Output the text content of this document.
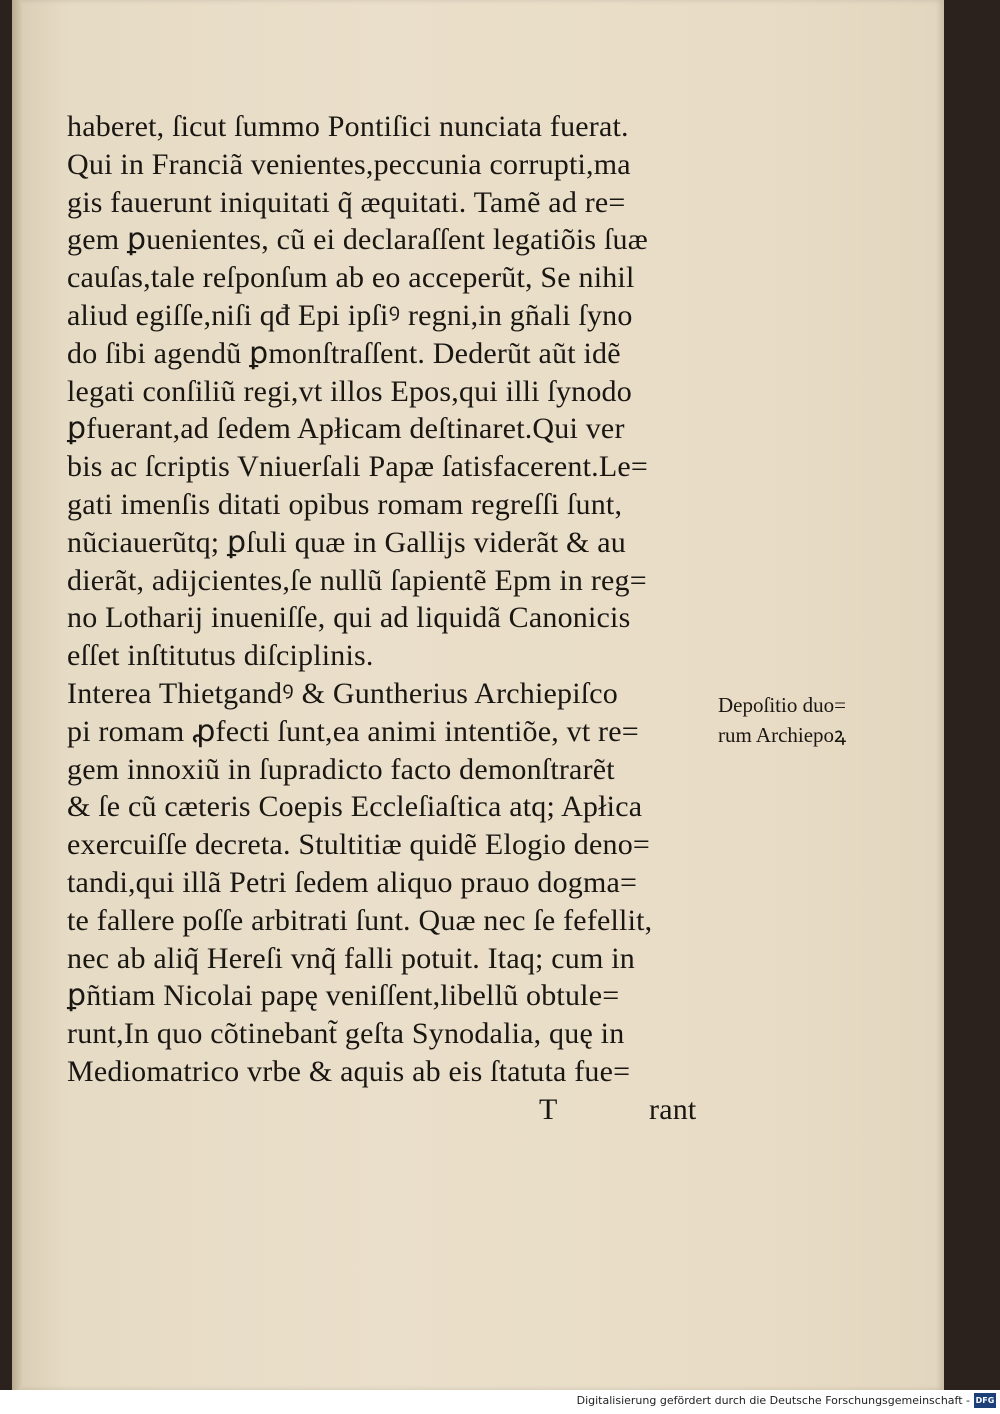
haberet, ſicut ſummo Pontiſici nunciata fuerat.
Qui in Franciã venientes,peccunia corrupti,ma
gis fauerunt iniquitati q̃ æquitati. Tamẽ ad re=
gem ꝑuenientes, cũ ei declaraſſent legatiõis ſuæ
cauſas,tale reſponſum ab eo acceperũt, Se nihil
aliud egiſſe,niſi qđ Epi ipſiꝰ regni,in gñali ſyno
do ſibi agendũ ꝑmonſtraſſent. Dederũt aũt idẽ
legati conſiliũ regi,vt illos Epos,qui illi ſynodo
ꝑfuerant,ad ſedem Apłicam deſtinaret.Qui ver
bis ac ſcriptis Vniuerſali Papæ ſatisfacerent.Le=
gati imenſis ditati opibus romam regreſſi ſunt,
nũciauerũtq; ꝑſuli quæ in Gallijs viderãt & au
dierãt, adijcientes,ſe nullũ ſapientẽ Epm in reg=
no Lotharij inueniſſe, qui ad liquidã Canonicis
eſſet inſtitutus diſciplinis.
Interea Thietgandꝰ & Guntherius Archiepiſco
pi romam ꝓfecti ſunt,ea animi intentiõe, vt re=
gem innoxiũ in ſupradicto facto demonſtrarẽt
& ſe cũ cæteris Coepis Eccleſiaſtica atq; Apłica
exercuiſſe decreta. Stultitiæ quidẽ Elogio deno=
tandi,qui illã Petri ſedem aliquo prauo dogma=
te fallere poſſe arbitrati ſunt. Quæ nec ſe fefellit,
nec ab aliq̃ Hereſi vnq̃ falli potuit. Itaq; cum in
ꝑñtiam Nicolai papę veniſſent,libellũ obtule=
runt,In quo cõtinebant̃ geſta Synodalia, quę in
Mediomatrico vrbe & aquis ab eis ſtatuta fue=
T	rant
Depoſitio duo=
rum Archiepoꝝ
Digitalisierung gefördert durch die Deutsche Forschungsgemeinschaft - DFG
